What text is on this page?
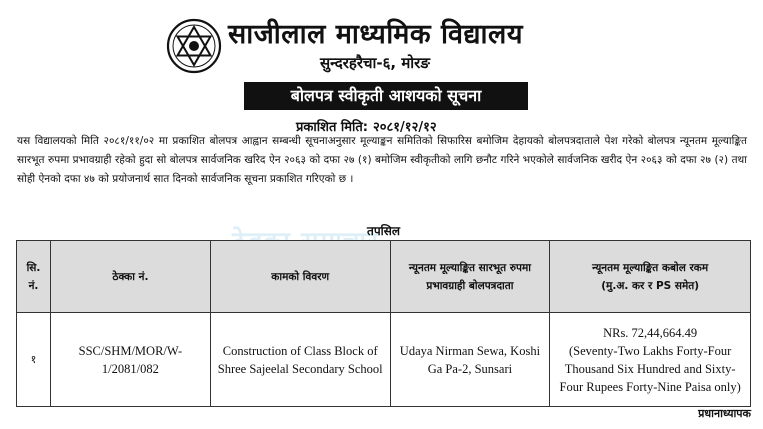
साजीलाल माध्यमिक विद्यालय
सुन्दरहरैचा-६, मोरङ
बोलपत्र स्वीकृती आशयको सूचना
प्रकाशित मिति: २०८१/१२/१२
यस विद्यालयको मिति २०८१/११/०२ मा प्रकाशित बोलपत्र आह्वान सम्बन्धी सूचनाअनुसार मूल्याङ्कन समितिको सिफारिस बमोजिम देहायको बोलपत्रदाताले पेश गरेको बोलपत्र न्यूनतम मूल्याङ्कित सारभूत रुपमा प्रभावग्राही रहेको हुदा सो बोलपत्र सार्वजनिक खरिद ऐन २०६३ को दफा २७ (१) बमोजिम स्वीकृतीको लागि छनौट गरिने भएकोले सार्वजनिक खरीद ऐन २०६३ को दफा २७ (२) तथा सोही ऐनको दफा ४७ को प्रयोजनार्थ सात दिनको सार्वजनिक सूचना प्रकाशित गरिएको छ ।
तपसिल
सि. नं.	ठेक्का नं.	कामको विवरण	न्यूनतम मूल्याङ्कित सारभूत रुपमा प्रभावग्राही बोलपत्रदाता	न्यूनतम मूल्याङ्कित कबोल रकम
(मु.अ. कर र PS समेत)

१	SSC/SHM/MOR/W-1/2081/082	Construction of Class Block of Shree Sajeelal Secondary School	Udaya Nirman Sewa, Koshi Ga Pa-2, Sunsari	NRs. 72,44,664.49
(Seventy-Two Lakhs Forty-Four Thousand Six Hundred and Sixty-Four Rupees Forty-Nine Paisa only)
प्रधानाध्यापक
